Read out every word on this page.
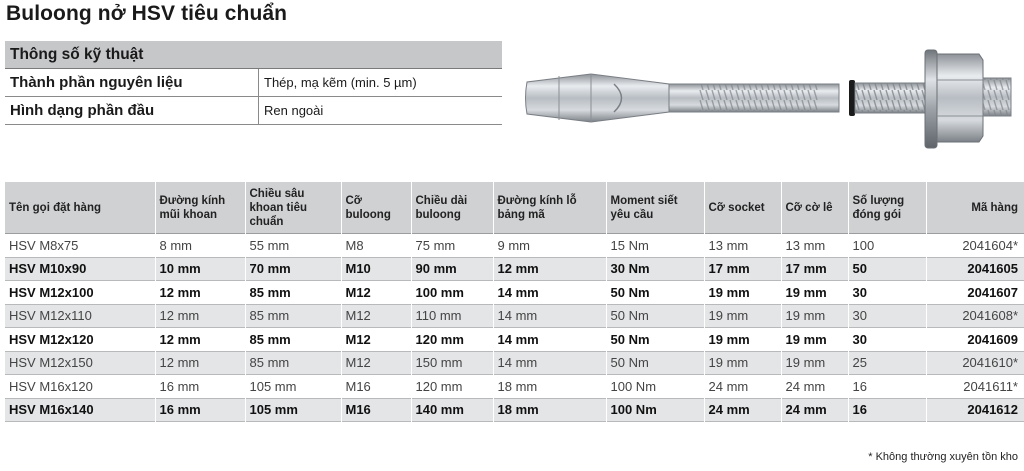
Buloong nở HSV tiêu chuẩn
Thông số kỹ thuật	
Thành phần nguyên liệu	Thép, mạ kẽm (min. 5 µm)
Hình dạng phần đầu	Ren ngoài
Tên gọi đặt hàng	Đường kính mũi khoan	Chiều sâu khoan tiêu chuẩn	Cỡ buloong	Chiều dài buloong	Đường kính lỗ bảng mã	Moment siết yêu cầu	Cỡ socket	Cỡ cờ lê	Số lượng đóng gói	Mã hàng
HSV M8x75	8 mm	55 mm	M8	75 mm	9 mm	15 Nm	13 mm	13 mm	100	2041604*
HSV M10x90	10 mm	70 mm	M10	90 mm	12 mm	30 Nm	17 mm	17 mm	50	2041605
HSV M12x100	12 mm	85 mm	M12	100 mm	14 mm	50 Nm	19 mm	19 mm	30	2041607
HSV M12x110	12 mm	85 mm	M12	110 mm	14 mm	50 Nm	19 mm	19 mm	30	2041608*
HSV M12x120	12 mm	85 mm	M12	120 mm	14 mm	50 Nm	19 mm	19 mm	30	2041609
HSV M12x150	12 mm	85 mm	M12	150 mm	14 mm	50 Nm	19 mm	19 mm	25	2041610*
HSV M16x120	16 mm	105 mm	M16	120 mm	18 mm	100 Nm	24 mm	24 mm	16	2041611*
HSV M16x140	16 mm	105 mm	M16	140 mm	18 mm	100 Nm	24 mm	24 mm	16	2041612
* Không thường xuyên tồn kho
